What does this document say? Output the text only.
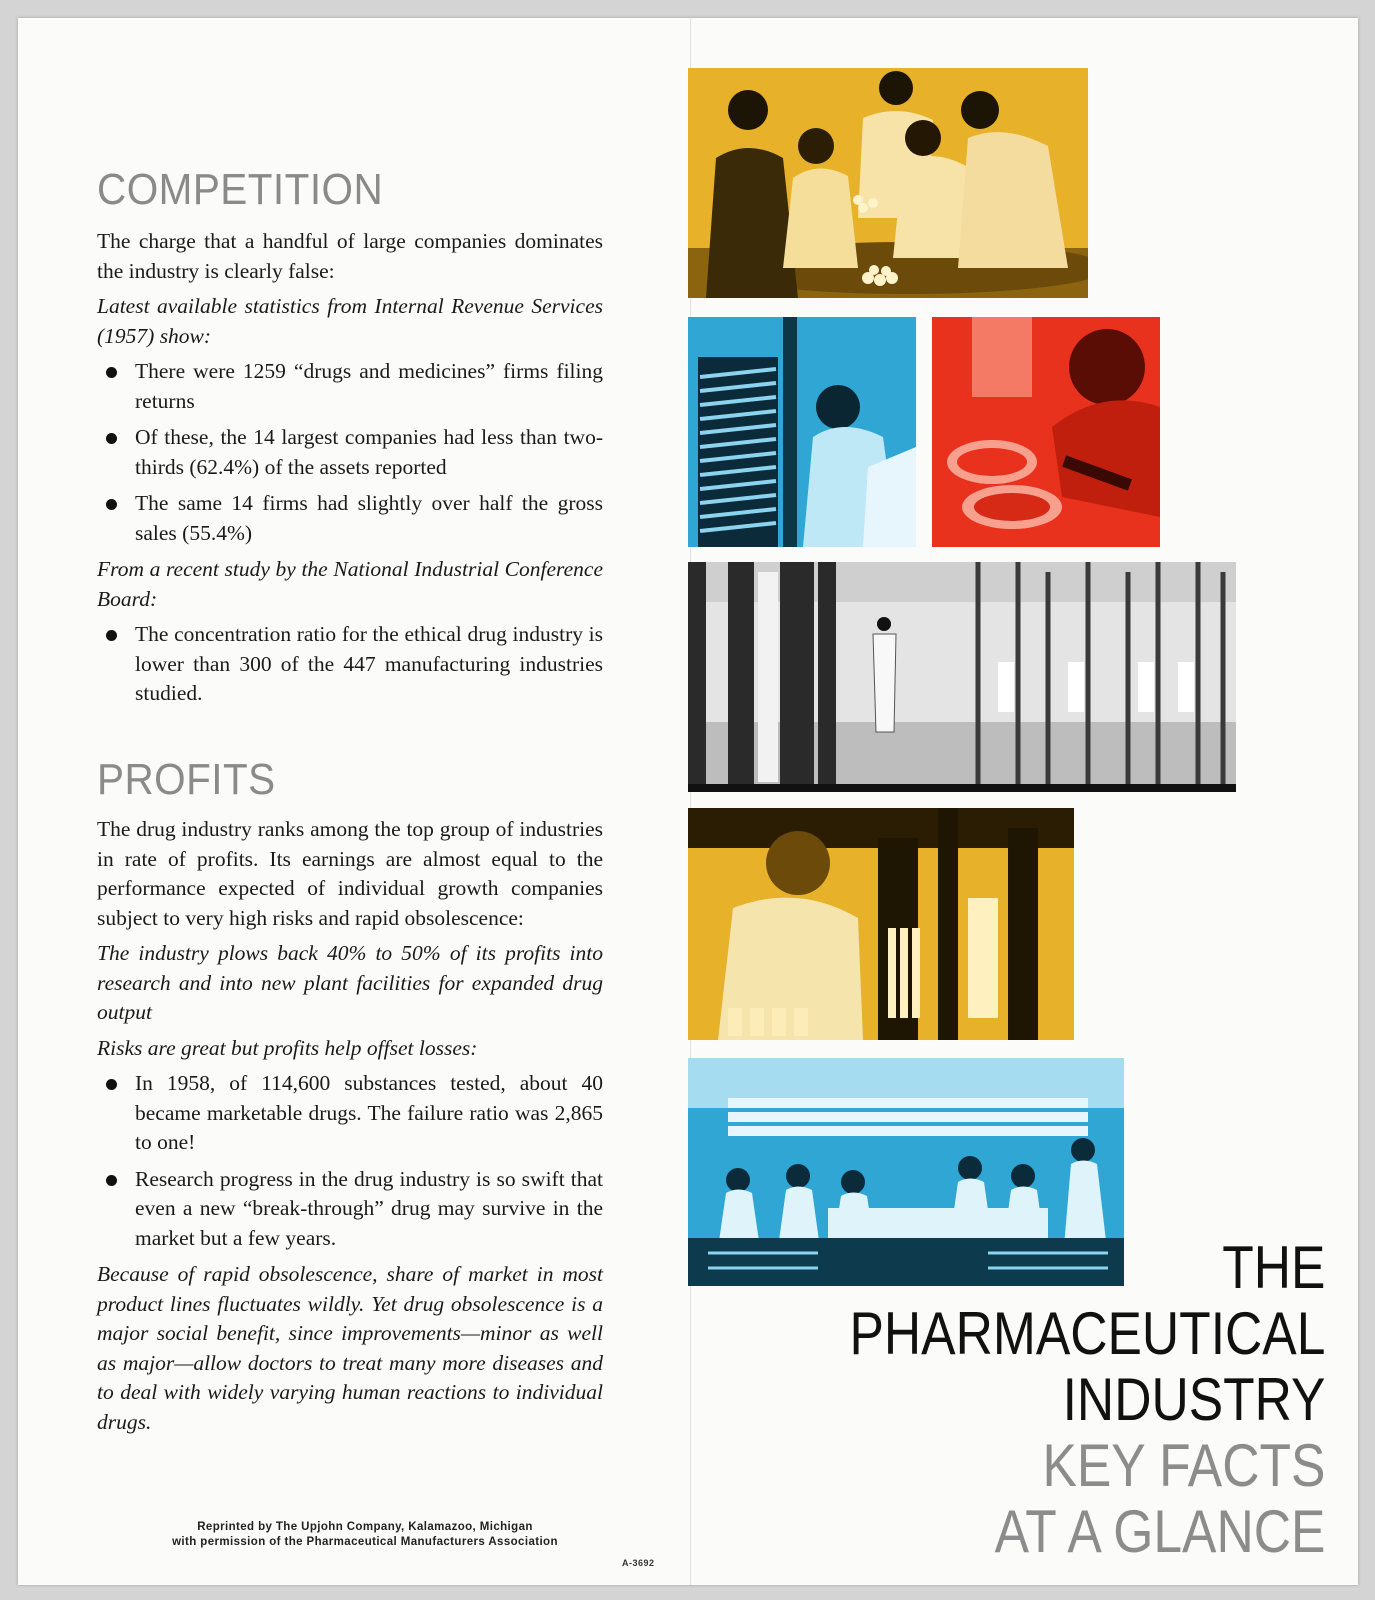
COMPETITION

The charge that a handful of large companies dominates the industry is clearly false:

Latest available statistics from Internal Revenue Services (1957) show:

There were 1259 “drugs and medicines” firms filing returns
Of these, the 14 largest companies had less than two-thirds (62.4%) of the assets reported
The same 14 firms had slightly over half the gross sales (55.4%)

From a recent study by the National Industrial Conference Board:

The concentration ratio for the ethical drug industry is lower than 300 of the 447 manufacturing industries studied.
PROFITS

The drug industry ranks among the top group of industries in rate of profits. Its earnings are almost equal to the performance expected of individual growth companies subject to very high risks and rapid obsolescence:

The industry plows back 40% to 50% of its profits into research and into new plant facilities for expanded drug output

Risks are great but profits help offset losses:

In 1958, of 114,600 substances tested, about 40 became marketable drugs. The failure ratio was 2,865 to one!
Research progress in the drug industry is so swift that even a new “break-through” drug may survive in the market but a few years.

Because of rapid obsolescence, share of market in most product lines fluctuates wildly. Yet drug obsolescence is a major social benefit, since improvements—minor as well as major—allow doctors to treat many more diseases and to deal with widely varying human reactions to individual drugs.

Reprinted by The Upjohn Company, Kalamazoo, Michigan
with permission of the Pharmaceutical Manufacturers Association
A-3692
THE
PHARMACEUTICAL
INDUSTRY
KEY FACTS
AT A GLANCE
